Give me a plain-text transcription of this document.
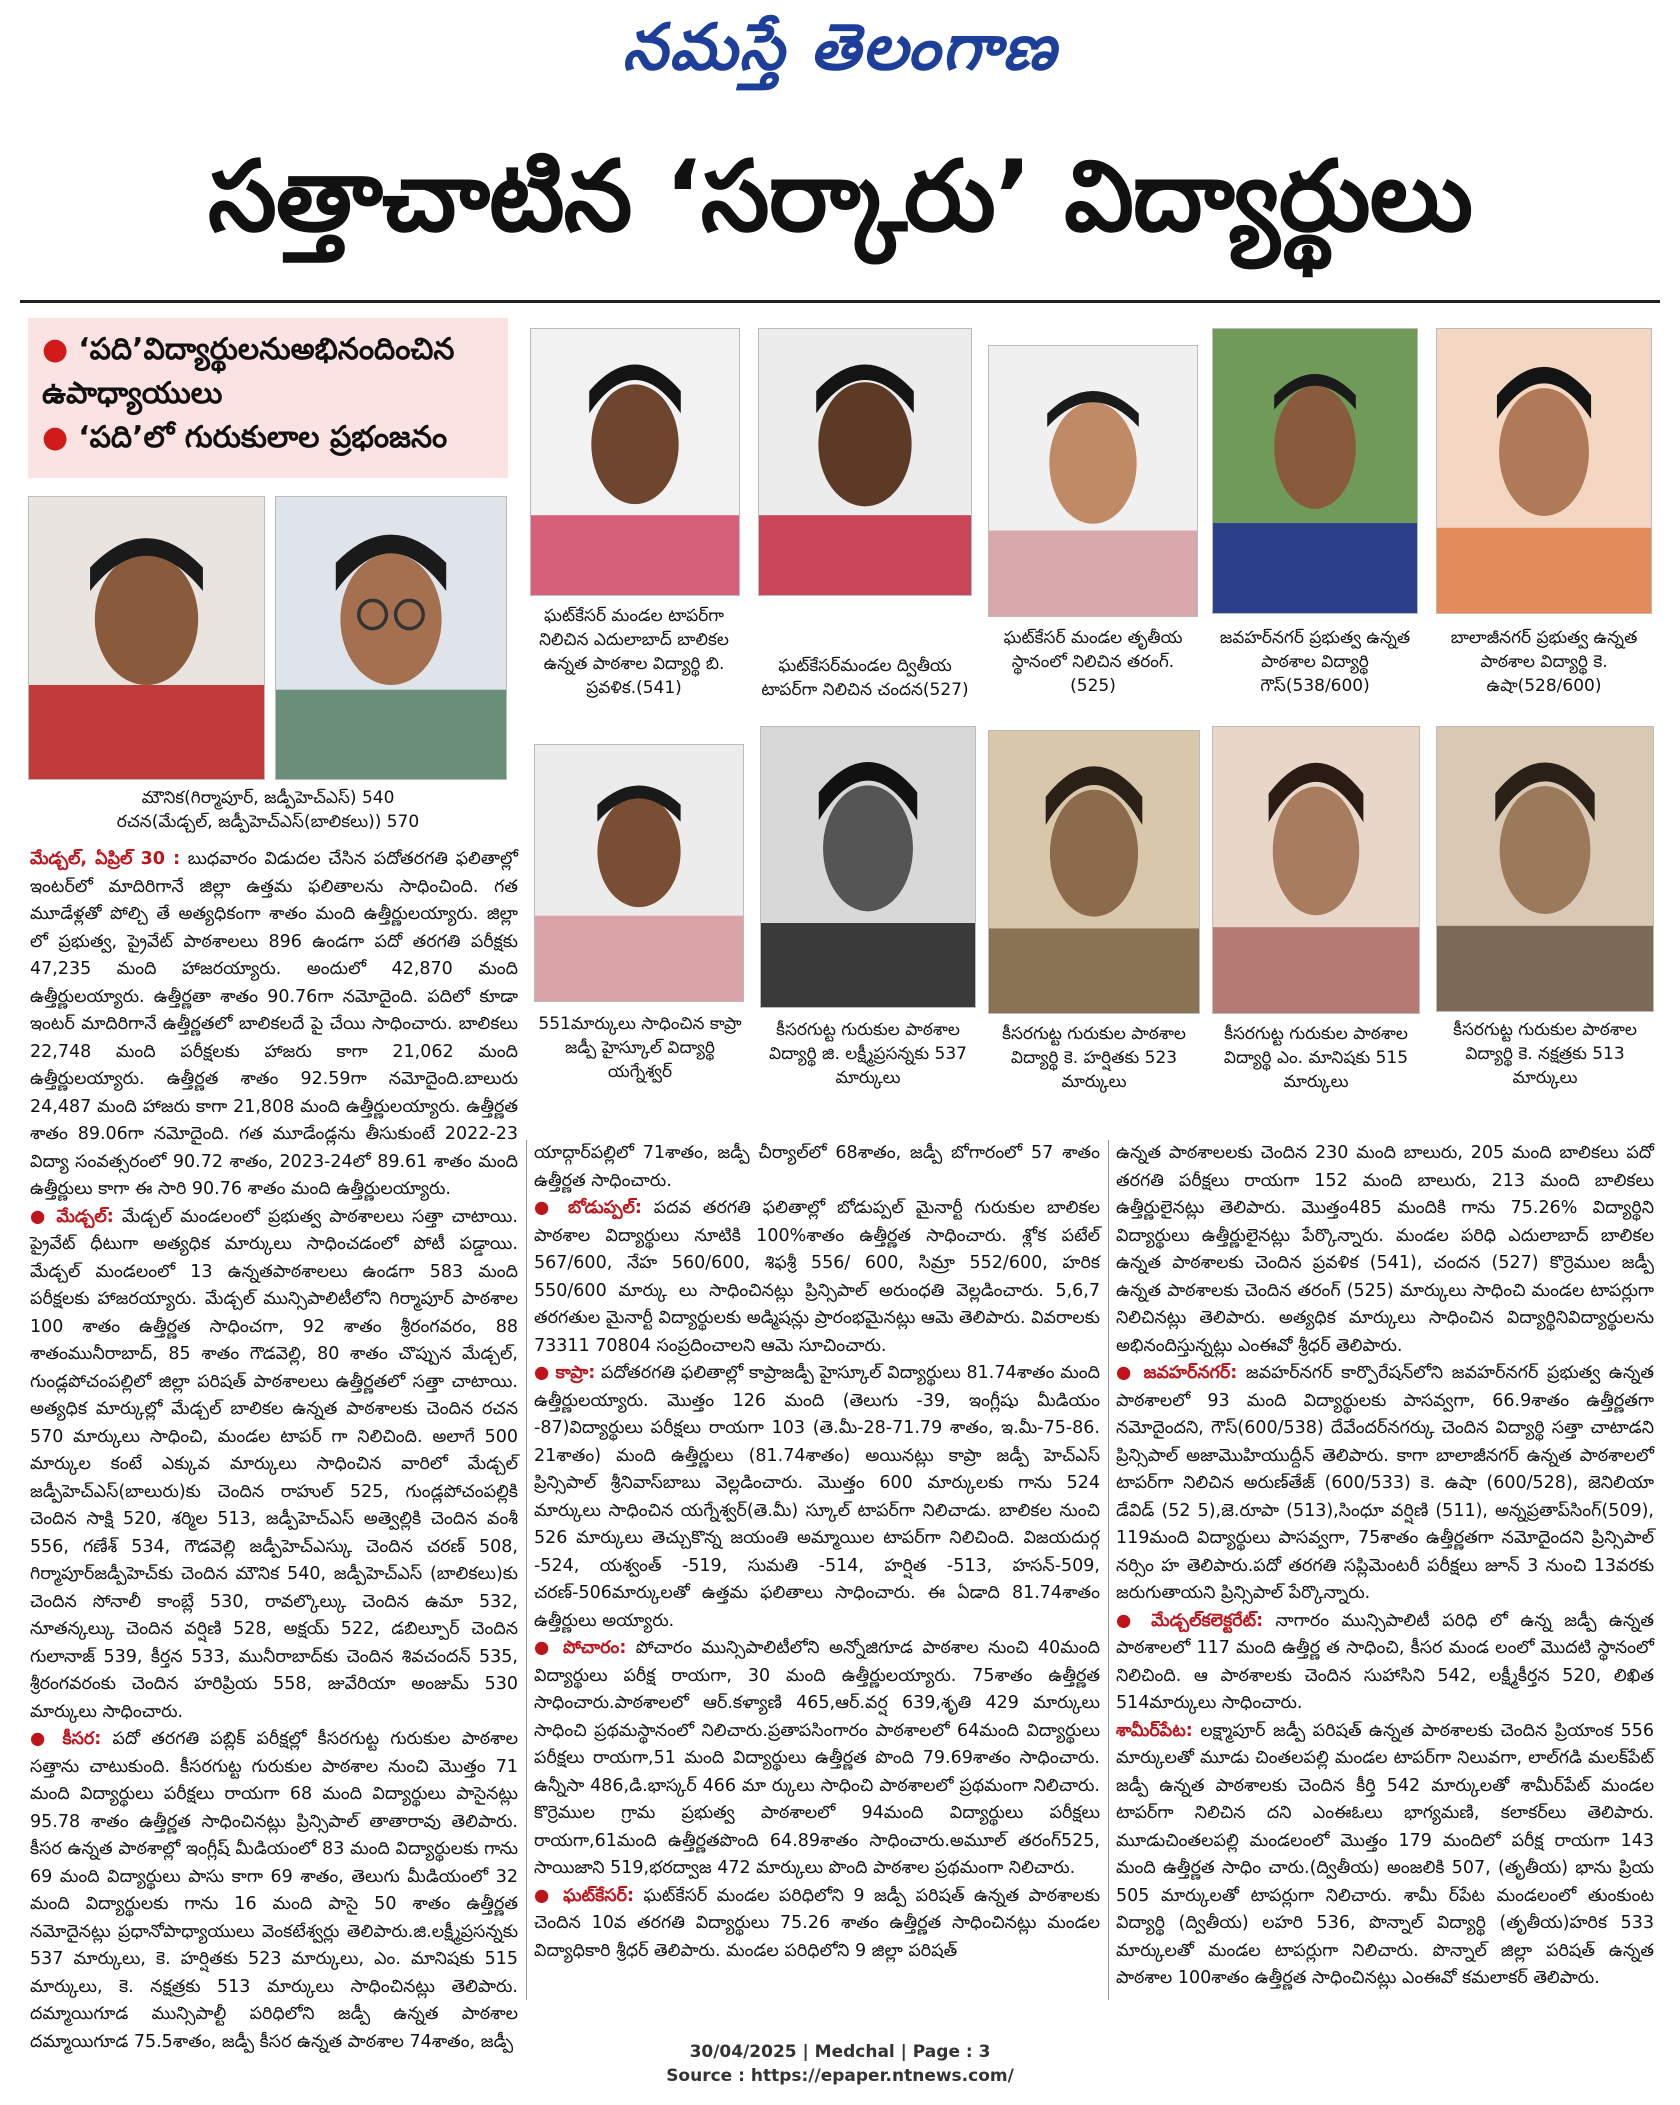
నమస్తే తెలంగాణ
సత్తాచాటిన ‘సర్కారు’ విద్యార్థులు
● ‘పది’విద్యార్థులనుఅభినందించిన ఉపాధ్యాయులు
● ‘పది’లో గురుకులాల ప్రభంజనం
మౌనిక(గిర్మాపూర్, జడ్పీహెచ్ఎస్) 540
రచన(మేడ్చల్, జడ్పీహెచ్ఎస్(బాలికలు)) 570
ఘట్‌కేసర్ మండల టాపర్‌గా నిలిచిన ఎదులాబాద్ బాలికల ఉన్నత పాఠశాల విద్యార్థి బి. ప్రవళిక.(541)
ఘట్‌కేసర్‌మండల ద్వితీయ టాపర్‌గా నిలిచిన చందన(527)
ఘట్‌కేసర్ మండల తృతీయ స్థానంలో నిలిచిన తరంగ్.(525)
జవహర్‌నగర్ ప్రభుత్వ ఉన్నత పాఠశాల విద్యార్థి గౌస్(538/600)
బాలాజీనగర్ ప్రభుత్వ ఉన్నత పాఠశాల విద్యార్థి కె. ఉషా(528/600)
551మార్కులు సాధించిన కాప్రా జడ్పీ హైస్కూల్ విద్యార్థి యగ్నేశ్వర్
కీసరగుట్ట గురుకుల పాఠశాల విద్యార్థి జి. లక్ష్మీప్రసన్నకు 537 మార్కులు
కీసరగుట్ట గురుకుల పాఠశాల విద్యార్థి కె. హర్షితకు 523 మార్కులు
కీసరగుట్ట గురుకుల పాఠశాల విద్యార్థి ఎం. మానిషకు 515 మార్కులు
కీసరగుట్ట గురుకుల పాఠశాల విద్యార్థి కె. నక్షత్రకు 513 మార్కులు

మేడ్చల్, ఏప్రిల్ 30 : బుధవారం విడుదల చేసిన పదోతరగతి ఫలితాల్లో ఇంటర్‌లో మాదిరిగానే జిల్లా ఉత్తమ ఫలితాలను సాధించింది. గత మూడేళ్లతో పోల్చి తే అత్యధికంగా శాతం మంది ఉత్తీర్ణులయ్యారు. జిల్లా లో ప్రభుత్వ, ప్రైవేట్ పాఠశాలలు 896 ఉండగా పదో తరగతి పరీక్షకు 47,235 మంది హాజరయ్యారు. అందులో 42,870 మంది ఉత్తీర్ణులయ్యారు. ఉత్తీర్ణతా శాతం 90.76గా నమోదైంది. పదిలో కూడా ఇంటర్ మాదిరిగానే ఉత్తీర్ణతలో బాలికలదే పై చేయి సాధించారు. బాలికలు 22,748 మంది పరీక్షలకు హాజరు కాగా 21,062 మంది ఉత్తీర్ణులయ్యారు. ఉత్తీర్ణత శాతం 92.59గా నమోదైంది.బాలురు 24,487 మంది హాజరు కాగా 21,808 మంది ఉత్తీర్ణులయ్యారు. ఉత్తీర్ణత శాతం 89.06గా నమోదైంది. గత మూడేండ్లను తీసుకుంటే 2022-23 విద్యా సంవత్సరంలో 90.72 శాతం, 2023-24లో 89.61 శాతం మంది ఉత్తీర్ణులు కాగా ఈ సారి 90.76 శాతం మంది ఉత్తీర్ణులయ్యారు.

● మేడ్చల్: మేడ్చల్ మండలంలో ప్రభుత్వ పాఠశాలలు సత్తా చాటాయి. ప్రైవేట్ ధీటుగా అత్యధిక మార్కులు సాధించడంలో పోటీ పడ్డాయి. మేడ్చల్ మండలంలో 13 ఉన్నతపాఠశాలలు ఉండగా 583 మంది పరీక్షలకు హాజరయ్యారు. మేడ్చల్ మున్సిపాలిటీలోని గిర్మాపూర్ పాఠశాల 100 శాతం ఉత్తీర్ణత సాధించగా, 92 శాతం శ్రీరంగవరం, 88 శాతంమునీరాబాద్, 85 శాతం గౌడవెల్లి, 80 శాతం చొప్పున మేడ్చల్, గుండ్లపోచంపల్లిలో జిల్లా పరిషత్ పాఠశాలలు ఉత్తీర్ణతలో సత్తా చాటాయి. అత్యధిక మార్కుల్లో మేడ్చల్ బాలికల ఉన్నత పాఠశాలకు చెందిన రచన 570 మార్కులు సాధించి, మండల టాపర్ గా నిలిచింది. అలాగే 500 మార్కుల కంటే ఎక్కువ మార్కులు సాధించిన వారిలో మేడ్చల్ జడ్పీహెచ్ఎస్(బాలురు)కు చెందిన రాహుల్ 525, గుండ్లపోచంపల్లికి చెందిన సాక్షి 520, శర్మిల 513, జడ్పీహెచ్ఎస్ అత్వెల్లికి చెందిన వంశీ 556, గణేశ్ 534, గౌడవెల్లి జడ్పీహెచ్ఎస్కు చెందిన చరణ్ 508, గిర్మాపూర్‌జడ్పీహెచ్‌కు చెందిన మౌనిక 540, జడ్పీహెచ్ఎస్ (బాలికలు)కు చెందిన సోనాలీ కాంబ్లే 530, రావల్కొల్కు చెందిన ఉమా 532, నూతన్కల్కు చెందిన వర్షిణి 528, అక్షయ్ 522, డబిల్పూర్ చెందిన గులానాజ్ 539, కీర్తన 533, మునీరాబాద్‌కు చెందిన శివచందన్ 535, శ్రీరంగవరంకు చెందిన హరిప్రియ 558, జువేరియా అంజుమ్ 530 మార్కులు సాధించారు.

● కీసర: పదో తరగతి పబ్లిక్ పరీక్షల్లో కీసరగుట్ట గురుకుల పాఠశాల సత్తాను చాటుకుంది. కీసరగుట్ట గురుకుల పాఠశాల నుంచి మొత్తం 71 మంది విద్యార్థులు పరీక్షలు రాయగా 68 మంది విద్యార్థులు పాసైనట్లు 95.78 శాతం ఉత్తీర్ణత సాధించినట్లు ప్రిన్సిపాల్ తాతారావు తెలిపారు. కీసర ఉన్నత పాఠశాల్లో ఇంగ్లీష్ మీడియంలో 83 మంది విద్యార్థులకు గాను 69 మంది విద్యార్థులు పాసు కాగా 69 శాతం, తెలుగు మీడియంలో 32 మంది విద్యార్థులకు గాను 16 మంది పాసై 50 శాతం ఉత్తీర్ణత నమోదైనట్లు ప్రధానోపాధ్యాయులు వెంకటేశ్వర్లు తెలిపారు.జి.లక్ష్మీప్రసన్నకు 537 మార్కులు, కె. హర్షితకు 523 మార్కులు, ఎం. మానిషకు 515 మార్కులు, కె. నక్షత్రకు 513 మార్కులు సాధించినట్లు తెలిపారు. దమ్మాయిగూడ మున్సిపాల్టీ పరిధిలోని జడ్పీ ఉన్నత పాఠశాల దమ్మాయిగూడ 75.5శాతం, జడ్పీ కీసర ఉన్నత పాఠశాల 74శాతం, జడ్పీ

యాద్గార్‌పల్లిలో 71శాతం, జడ్పీ చీర్యాల్‌లో 68శాతం, జడ్పీ బోగారంలో 57 శాతం ఉత్తీర్ణత సాధించారు.

● బోడుప్పల్: పదవ తరగతి ఫలితాల్లో బోడుప్పల్ మైనార్టీ గురుకుల బాలికల పాఠశాల విద్యార్థులు నూటికి 100%శాతం ఉత్తీర్ణత సాధించారు. శ్లోక పటేల్ 567/600, నేహ 560/600, శిఫశ్రీ 556/ 600, సిమ్రా 552/600, హరిక 550/600 మార్కు లు సాధించినట్లు ప్రిన్సిపాల్ అరుంధతి వెల్లడించారు. 5,6,7 తరగతుల మైనార్టీ విద్యార్థులకు అడ్మిషన్లు ప్రారంభమైనట్లు ఆమె తెలిపారు. వివరాలకు 73311 70804 సంప్రదించాలని ఆమె సూచించారు.

● కాప్రా: పదోతరగతి ఫలితాల్లో కాప్రాజడ్పీ హైస్కూల్ విద్యార్థులు 81.74శాతం మంది ఉత్తీర్ణులయ్యారు. మొత్తం 126 మంది (తెలుగు -39, ఇంగ్లీషు మీడియం -87)విద్యార్థులు పరీక్షలు రాయగా 103 (తె.మీ-28-71.79 శాతం, ఇ.మీ-75-86. 21శాతం) మంది ఉత్తీర్ణులు (81.74శాతం) అయినట్లు కాప్రా జడ్పీ హెచ్ఎస్ ప్రిన్సిపాల్ శ్రీనివాస్‌బాబు వెల్లడించారు. మొత్తం 600 మార్కులకు గాను 524 మార్కులు సాధించిన యగ్నేశ్వర్(తె.మీ) స్కూల్ టాపర్‌గా నిలిచాడు. బాలికల నుంచి 526 మార్కులు తెచ్చుకొన్న జయంతి అమ్మాయిల టాపర్‌గా నిలిచింది. విజయదుర్గ -524, యశ్వంత్ -519, సుమతి -514, హర్షిత -513, హసన్-509, చరణ్-506మార్కులతో ఉత్తమ ఫలితాలు సాధించారు. ఈ ఏడాది 81.74శాతం ఉత్తీర్ణులు అయ్యారు.

● పోచారం: పోచారం మున్సిపాలిటీలోని అన్నోజిగూడ పాఠశాల నుంచి 40మంది విద్యార్థులు పరీక్ష రాయగా, 30 మంది ఉత్తీర్ణులయ్యారు. 75శాతం ఉత్తీర్ణత సాధించారు.పాఠశాలలో ఆర్.కళ్యాణి 465,ఆర్.వర్ష 639,శృతి 429 మార్కులు సాధించి ప్రథమస్థానంలో నిలిచారు.ప్రతాపసింగారం పాఠశాలలో 64మంది విద్యార్థులు పరీక్షలు రాయగా,51 మంది విద్యార్థులు ఉత్తీర్ణత పొంది 79.69శాతం సాధించారు. ఉన్నీసా 486,డి.భాస్కర్ 466 మా ర్కులు సాధించి పాఠశాలలో ప్రథమంగా నిలిచారు. కొర్రెముల గ్రామ ప్రభుత్వ పాఠశాలలో 94మంది విద్యార్థులు పరీక్షలు రాయగా,61మంది ఉత్తీర్ణతపొంది 64.89శాతం సాధించారు.అమూల్ తరంగ్525, సాయిజాని 519,భరద్వాజ 472 మార్కులు పొంది పాఠశాల ప్రథమంగా నిలిచారు.

● ఘట్‌కేసర్: ఘట్‌కేసర్ మండల పరిధిలోని 9 జడ్పీ పరిషత్ ఉన్నత పాఠశాలకు చెందిన 10వ తరగతి విద్యార్థులు 75.26 శాతం ఉత్తీర్ణత సాధించినట్లు మండల విద్యాధికారి శ్రీధర్ తెలిపారు. మండల పరిధిలోని 9 జిల్లా పరిషత్

ఉన్నత పాఠశాలలకు చెందిన 230 మంది బాలురు, 205 మంది బాలికలు పదో తరగతి పరీక్షలు రాయగా 152 మంది బాలురు, 213 మంది బాలికలు ఉత్తీర్ణులైనట్లు తెలిపారు. మొత్తం485 మందికి గాను 75.26% విద్యార్థిని విద్యార్థులు ఉత్తీర్ణులైనట్లు పేర్కొన్నారు. మండల పరిధి ఎదులాబాద్ బాలికల ఉన్నత పాఠశాలకు చెందిన ప్రవళిక (541), చందన (527) కొర్రెముల జడ్పీ ఉన్నత పాఠశాలకు చెందిన తరంగ్ (525) మార్కులు సాధించి మండల టాపర్లుగా నిలిచినట్లు తెలిపారు. అత్యధిక మార్కులు సాధించిన విద్యార్థినివిద్యార్థులను అభినందిస్తున్నట్లు ఎంఈవో శ్రీధర్ తెలిపారు.

● జవహర్‌నగర్: జవహర్‌నగర్ కార్పొరేషన్‌లోని జవహర్‌నగర్ ప్రభుత్వ ఉన్నత పాఠశాలలో 93 మంది విద్యార్థులకు పాసవ్వగా, 66.9శాతం ఉత్తీర్ణతగా నమోదైందని, గౌస్(600/538) దేవేందర్‌నగర్కు చెందిన విద్యార్థి సత్తా చాటాడని ప్రిన్సిపాల్ అజామొహియుద్దీన్ తెలిపారు. కాగా బాలాజీనగర్ ఉన్నత పాఠశాలలో టాపర్‌గా నిలిచిన అరుణ్‌తేజ్ (600/533) కె. ఉషా (600/528), జెనిలియా డేవిడ్ (52 5),జె.రూపా (513),సింధూ వర్షిణి (511), అన్నప్రతాప్‌సింగ్(509), 119మంది విద్యార్థులు పాసవ్వగా, 75శాతం ఉత్తీర్ణతగా నమోదైందని ప్రిన్సిపాల్ నర్సిం హ తెలిపారు.పదో తరగతి సప్లిమెంటరీ పరీక్షలు జూన్ 3 నుంచి 13వరకు జరుగుతాయని ప్రిన్సిపాల్ పేర్కొన్నారు.

● మేడ్చల్‌కలెక్టరేట్: నాగారం మున్సిపాలిటీ పరిధి లో ఉన్న జడ్పీ ఉన్నత పాఠశాలలో 117 మంది ఉత్తీర్ణ త సాధించి, కీసర మండ లంలో మొదటి స్థానంలో నిలిచింది. ఆ పాఠశాలకు చెందిన సుహాసిని 542, లక్ష్మీకీర్తన 520, లిఖిత 514మార్కులు సాధించారు.

శామీర్‌పేట: లక్ష్మాపూర్ జడ్పీ పరిషత్ ఉన్నత పాఠశాలకు చెందిన ప్రియాంక 556 మార్కులతో మూడు చింతలపల్లి మండల టాపర్‌గా నిలువగా, లాల్‌గడి మలక్‌పేట్ జడ్పీ ఉన్నత పాఠశాలకు చెందిన కీర్తి 542 మార్కులతో శామీర్‌పేట్ మండల టాపర్‌గా నిలిచిన దని ఎంఈఓలు భాగ్యమణి, కలాకర్‌లు తెలిపారు. మూడుచింతలపల్లి మండలంలో మొత్తం 179 మందిలో పరీక్ష రాయగా 143 మంది ఉత్తీర్ణత సాధిం చారు.(ద్వితీయ) అంజలికి 507, (తృతీయ) భాను ప్రియ 505 మార్కులతో టాపర్లుగా నిలిచారు. శామీ ర్‌పేట మండలంలో తుంకుంట విద్యార్థి (ద్వితీయ) లహరి 536, పొన్నాల్ విద్యార్థి (తృతీయ)హరిక 533 మార్కులతో మండల టాపర్లుగా నిలిచారు. పొన్నాల్ జిల్లా పరిషత్ ఉన్నత పాఠశాల 100శాతం ఉత్తీర్ణత సాధించినట్లు ఎంఈవో కమలాకర్ తెలిపారు.

30/04/2025 | Medchal | Page : 3
Source : https://epaper.ntnews.com/
